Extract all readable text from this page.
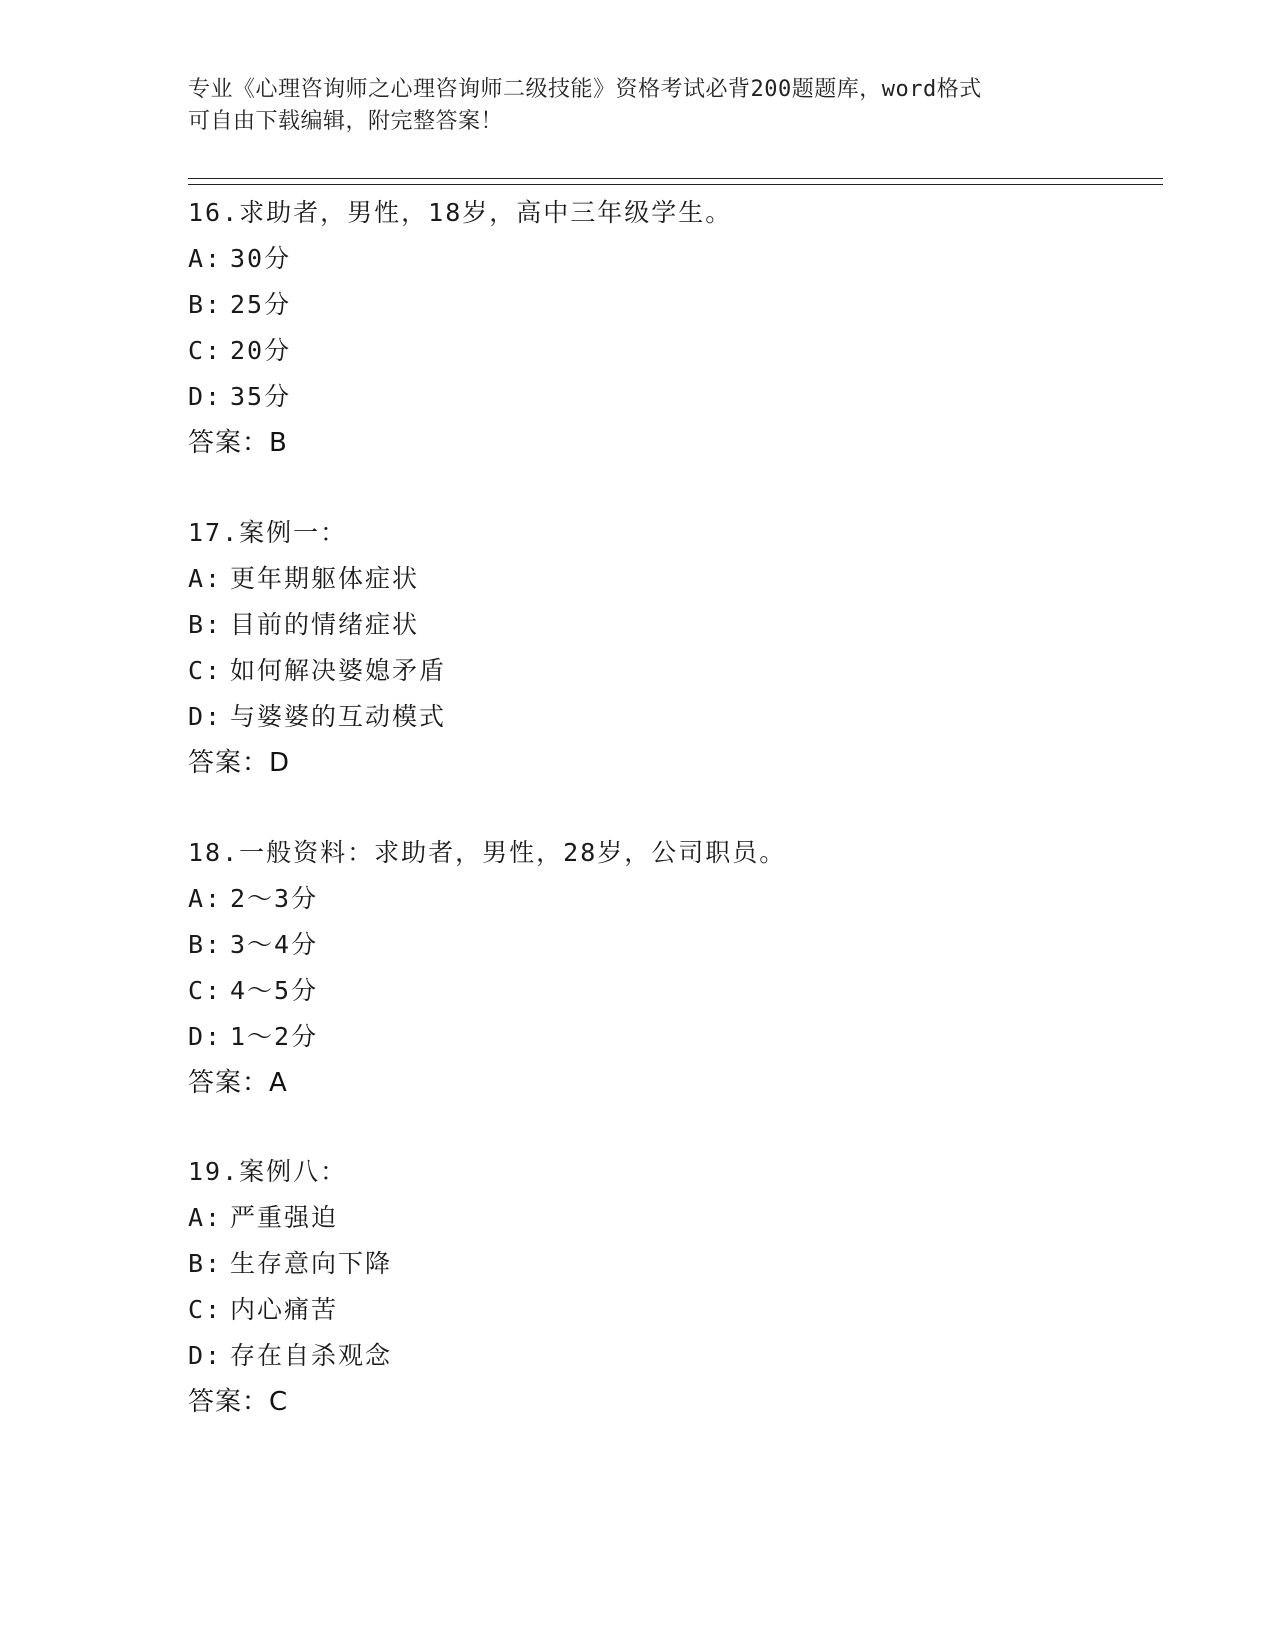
专业《心理咨询师之心理咨询师二级技能》资格考试必背200题题库，word格式
可自由下载编辑，附完整答案！
16.求助者，男性，18岁，高中三年级学生。
A: 30分
B: 25分
C: 20分
D: 35分
答案：B
17.案例一：
A: 更年期躯体症状
B: 目前的情绪症状
C: 如何解决婆媳矛盾
D: 与婆婆的互动模式
答案：D
18.一般资料：求助者，男性，28岁，公司职员。
A: 2～3分
B: 3～4分
C: 4～5分
D: 1～2分
答案：A
19.案例八：
A: 严重强迫
B: 生存意向下降
C: 内心痛苦
D: 存在自杀观念
答案：C
